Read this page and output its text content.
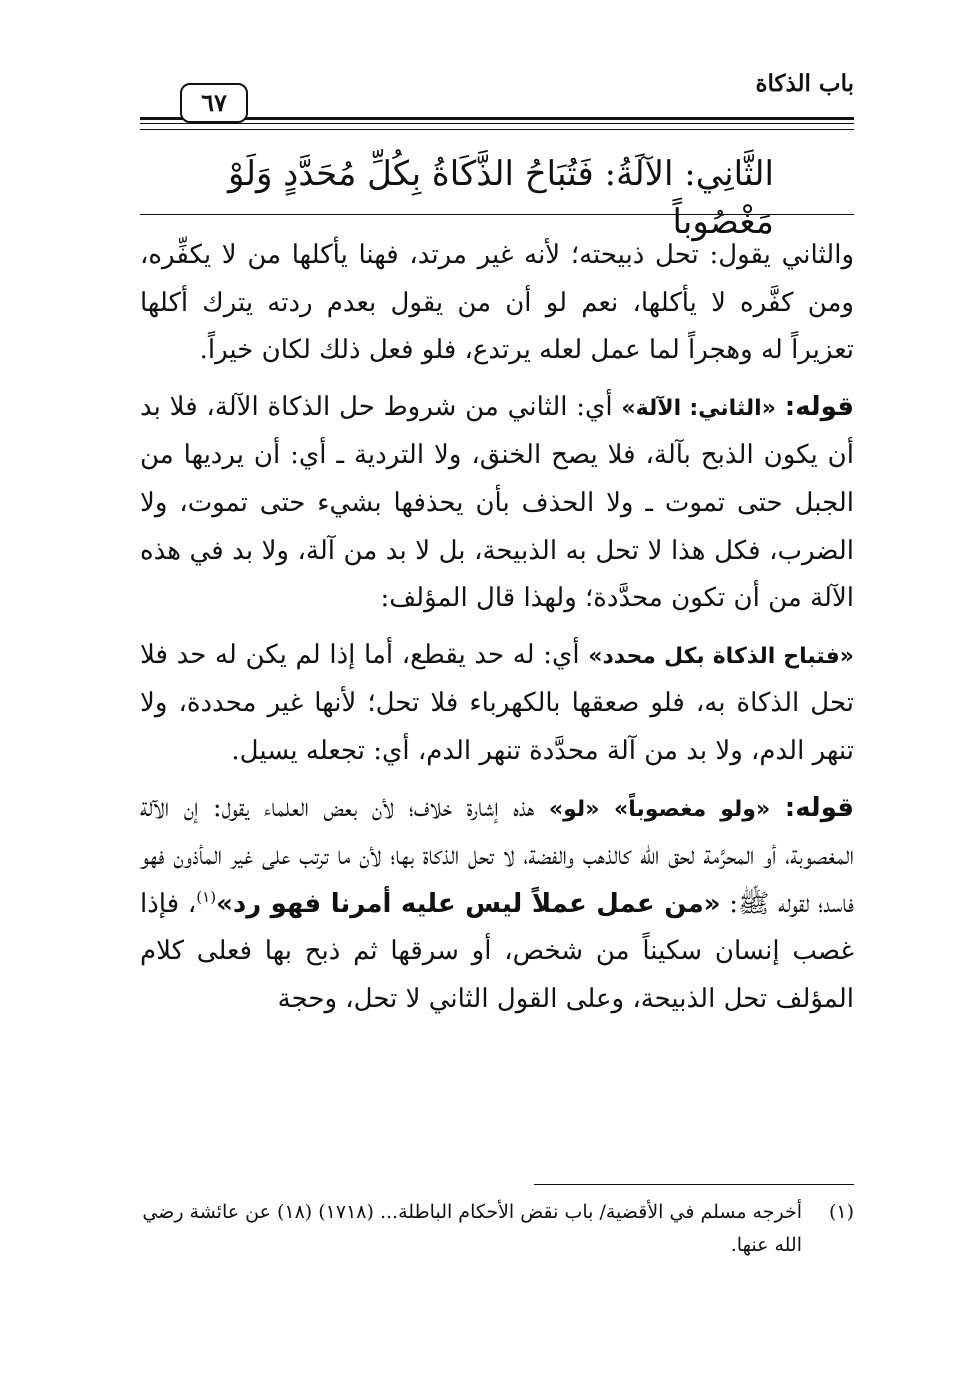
باب الذكاة
٦٧
الثَّانِي: الآلَةُ: فَتُبَاحُ الذَّكَاةُ بِكُلِّ مُحَدَّدٍ وَلَوْ مَغْصُوباً

والثاني يقول: تحل ذبيحته؛ لأنه غير مرتد، فهنا يأكلها من لا يكفِّره، ومن كفَّره لا يأكلها، نعم لو أن من يقول بعدم ردته يترك أكلها تعزيراً له وهجراً لما عمل لعله يرتدع، فلو فعل ذلك لكان خيراً.

قوله: «الثاني: الآلة» أي: الثاني من شروط حل الذكاة الآلة، فلا بد أن يكون الذبح بآلة، فلا يصح الخنق، ولا التردية ـ أي: أن يرديها من الجبل حتى تموت ـ ولا الحذف بأن يحذفها بشيء حتى تموت، ولا الضرب، فكل هذا لا تحل به الذبيحة، بل لا بد من آلة، ولا بد في هذه الآلة من أن تكون محدَّدة؛ ولهذا قال المؤلف:

«فتباح الذكاة بكل محدد» أي: له حد يقطع، أما إذا لم يكن له حد فلا تحل الذكاة به، فلو صعقها بالكهرباء فلا تحل؛ لأنها غير محددة، ولا تنهر الدم، ولا بد من آلة محدَّدة تنهر الدم، أي: تجعله يسيل.

قوله: «ولو مغصوباً» «لو» هذه إشارة خلاف؛ لأن بعض العلماء يقول: إن الآلة المغصوبة، أو المحرَّمة لحق الله كالذهب والفضة، لا تحل الذكاة بها؛ لأن ما ترتب على غير المأذون فهو فاسد؛ لقوله ﷺ: «من عمل عملاً ليس عليه أمرنا فهو رد»$^{(١)}$، فإذا غصب إنسان سكيناً من شخص، أو سرقها ثم ذبح بها فعلى كلام المؤلف تحل الذبيحة، وعلى القول الثاني لا تحل، وحجة

(١)
أخرجه مسلم في الأقضية/ باب نقض الأحكام الباطلة... (١٧١٨) (١٨) عن عائشة رضي الله عنها.
